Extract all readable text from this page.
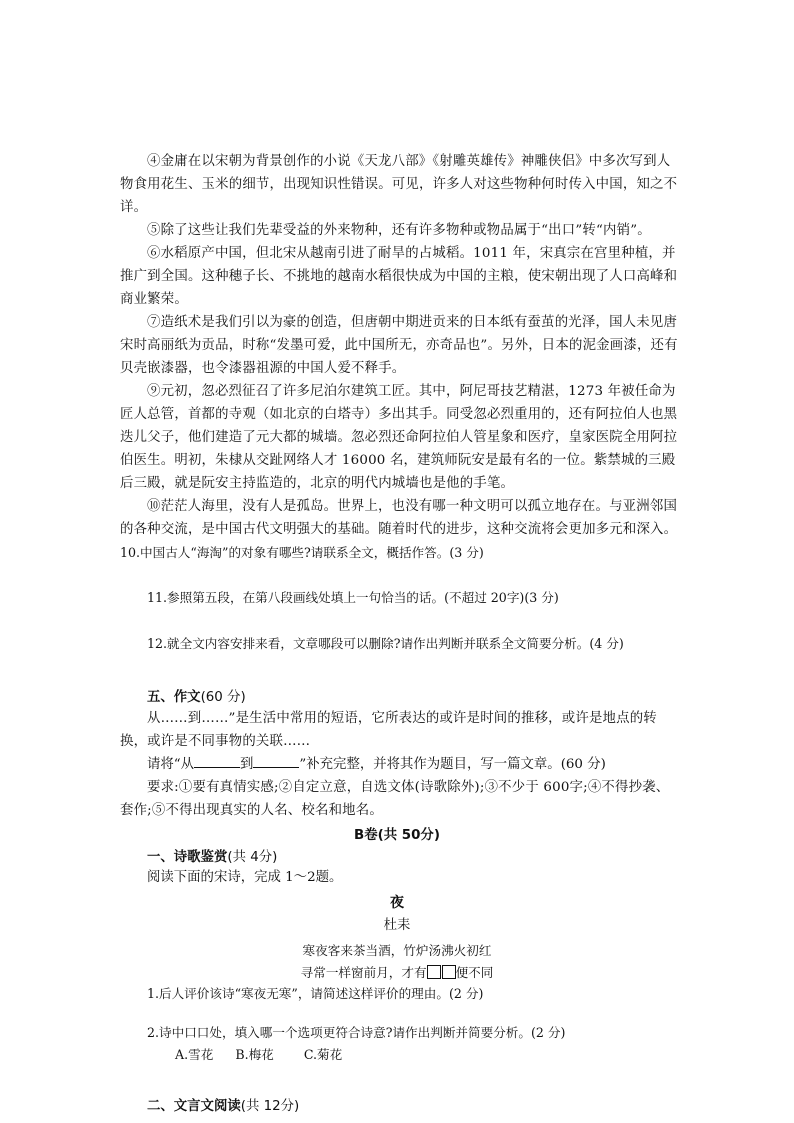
④金庸在以宋朝为背景创作的小说《天龙八部》《射雕英雄传》神雕侠侣》中多次写到人物食用花生、玉米的细节，出现知识性错误。可见，许多人对这些物种何时传入中国，知之不详。
⑤除了这些让我们先辈受益的外来物种，还有许多物种或物品属于“出口”转“内销”。
⑥水稻原产中国，但北宋从越南引进了耐旱的占城稻。1011 年，宋真宗在宫里种植，并推广到全国。这种穗子长、不挑地的越南水稻很快成为中国的主粮，使宋朝出现了人口高峰和商业繁荣。
⑦造纸术是我们引以为豪的创造，但唐朝中期进贡来的日本纸有蚕茧的光泽，国人未见唐宋时高丽纸为贡品，时称“发墨可爱，此中国所无，亦奇品也”。另外，日本的泥金画漆，还有贝壳嵌漆器，也令漆器祖源的中国人爱不释手。
⑨元初，忽必烈征召了许多尼泊尔建筑工匠。其中，阿尼哥技艺精湛，1273 年被任命为匠人总管，首都的寺观（如北京的白塔寺）多出其手。同受忽必烈重用的，还有阿拉伯人也黑迭儿父子，他们建造了元大都的城墙。忽必烈还命阿拉伯人管星象和医疗，皇家医院全用阿拉伯医生。明初，朱棣从交趾网络人才 16000 名，建筑师阮安是最有名的一位。紫禁城的三殿后三殿，就是阮安主持监造的，北京的明代内城墙也是他的手笔。
⑩茫茫人海里，没有人是孤岛。世界上，也没有哪一种文明可以孤立地存在。与亚洲邻国的各种交流，是中国古代文明强大的基础。随着时代的进步，这种交流将会更加多元和深入。
10.中国古人“海淘”的对象有哪些?请联系全文，概括作答。(3 分)
11.参照第五段，在第八段画线处填上一句恰当的话。(不超过 20字)(3 分)
12.就全文内容安排来看，文章哪段可以删除?请作出判断并联系全文简要分析。(4 分)
五、作文(60 分)
从……到……”是生活中常用的短语，它所表达的或许是时间的推移，或许是地点的转换，或许是不同事物的关联……
请将“从	到	”补充完整，并将其作为题目，写一篇文章。(60 分)
要求:①要有真情实感;②自定立意，自选文体(诗歌除外);③不少于 600字;④不得抄袭、套作;⑤不得出现真实的人名、校名和地名。
B卷(共 50分)
一、诗歌鉴赏(共 4分)
阅读下面的宋诗，完成 1～2题。
夜
杜耒
寒夜客来茶当酒，竹炉汤沸火初红
寻常一样窗前月，才有 便不同
1.后人评价该诗“寒夜无寒”，请简述这样评价的理由。(2 分)
2.诗中口口处，填入哪一个选项更符合诗意?请作出判断并简要分析。(2 分)
A.雪花 B.梅花 C.菊花
二、文言文阅读(共 12分)
